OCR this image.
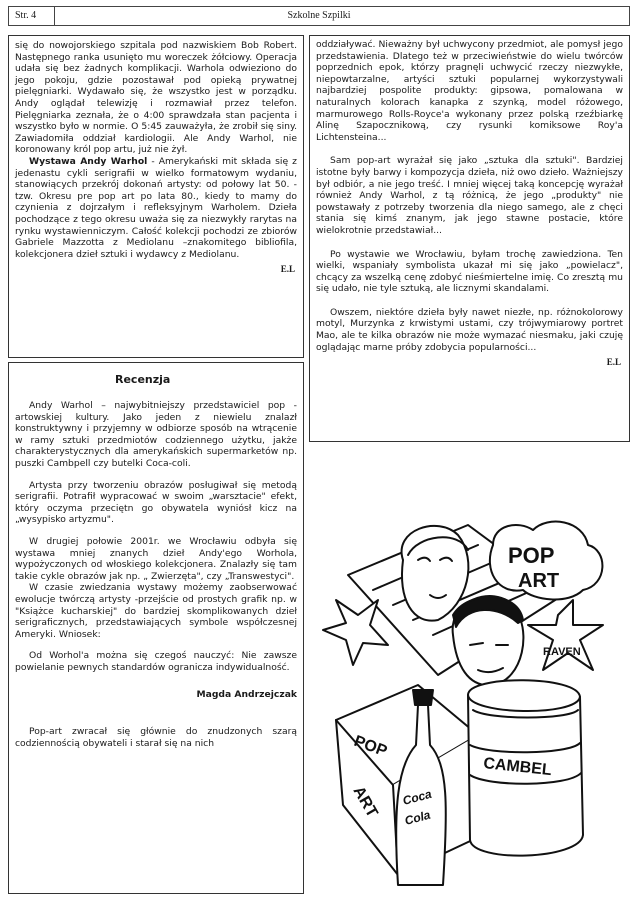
Str. 4	Szkolne Szpilki

się do nowojorskiego szpitala pod nazwiskiem Bob Robert. Następnego ranka usunięto mu woreczek żółciowy. Operacja udała się bez żadnych komplikacji. Warhola odwieziono do jego pokoju, gdzie pozostawał pod opieką prywatnej pielęgniarki. Wydawało się, że wszystko jest w porządku. Andy oglądał telewizję i rozmawiał przez telefon. Pielęgniarka zeznała, że o 4:00 sprawdzała stan pacjenta i wszystko było w normie. O 5:45 zauważyła, że zrobił się siny. Zawiadomiła oddział kardiologii. Ale Andy Warhol, nie koronowany król pop artu, już nie żył.

Wystawa Andy Warhol - Amerykański mit składa się z jedenastu cykli serigrafii w wielko formatowym wydaniu, stanowiących przekrój dokonań artysty: od połowy lat 50. - tzw. Okresu pre pop art po lata 80., kiedy to mamy do czynienia z dojrzałym i refleksyjnym Warholem. Dzieła pochodzące z tego okresu uważa się za niezwykły rarytas na rynku wystawienniczym. Całość kolekcji pochodzi ze zbiorów Gabriele Mazzotta z Mediolanu –znakomitego bibliofila, kolekcjonera dzieł sztuki i wydawcy z Mediolanu.

E.L
Recenzja

Andy Warhol – najwybitniejszy przedstawiciel pop - artowskiej kultury. Jako jeden z niewielu znalazł konstruktywny i przyjemny w odbiorze sposób na wtrącenie w ramy sztuki przedmiotów codziennego użytku, jakże charakterystycznych dla amerykańskich supermarketów np. puszki Cambpell czy butelki Coca-coli.

Artysta przy tworzeniu obrazów posługiwał się metodą serigrafii. Potrafił wypracować w swoim „warsztacie" efekt, który oczyma przeciętn go obywatela wyniósł kicz na „wysypisko artyzmu".

W drugiej połowie 2001r. we Wrocławiu odbyła się wystawa mniej znanych dzieł Andy'ego Worhola, wypożyczonych od włoskiego kolekcjonera. Znalazły się tam takie cykle obrazów jak np. „ Zwierzęta", czy „Transwestyci".

W czasie zwiedzania wystawy możemy zaobserwować ewolucje twórczą artysty -przejście od prostych grafik np. w "Książce kucharskiej" do bardziej skomplikowanych dzieł serigraficznych, przedstawiających symbole współczesnej Ameryki. Wniosek:

Od Worhol'a można się czegoś nauczyć: Nie zawsze powielanie pewnych standardów ogranicza indywidualność.

Magda Andrzejczak

Pop-art zwracał się głównie do znudzonych szarą codziennością obywateli i starał się na nich

oddziaływać. Nieważny był uchwycony przedmiot, ale pomysł jego przedstawienia. Dlatego też w przeciwieństwie do wielu twórców poprzednich epok, którzy pragnęli uchwycić rzeczy niezwykłe, niepowtarzalne, artyści sztuki popularnej wykorzystywali najbardziej pospolite produkty: gipsowa, pomalowana w naturalnych kolorach kanapka z szynką, model różowego, marmurowego Rolls-Royce'a wykonany przez polską rzeźbiarkę Alinę Szapocznikową, czy rysunki komiksowe Roy'a Lichtensteina...

Sam pop-art wyrażał się jako „sztuka dla sztuki". Bardziej istotne były barwy i kompozycja dzieła, niż owo dzieło. Ważniejszy był odbiór, a nie jego treść. I mniej więcej taką koncepcję wyrażał również Andy Warhol, z tą różnicą, że jego „produkty" nie powstawały z potrzeby tworzenia dla niego samego, ale z chęci stania się kimś znanym, jak jego stawne postacie, które wielokrotnie przedstawiał...

Po wystawie we Wrocławiu, byłam trochę zawiedziona. Ten wielki, wspaniały symbolista ukazał mi się jako „powielacz", chcący za wszelką cenę zdobyć nieśmiertelne imię. Co zresztą mu się udało, nie tyle sztuką, ale licznymi skandalami.

Owszem, niektóre dzieła były nawet niezłe, np. różnokolorowy motyl, Murzynka z krwistymi ustami, czy trójwymiarowy portret Mao, ale te kilka obrazów nie może wymazać niesmaku, jaki czuję oglądając marne próby zdobycia popularności...

E.L
POP
ART
RAVEN
POP
ART
CAMBEL
Coca
Cola
